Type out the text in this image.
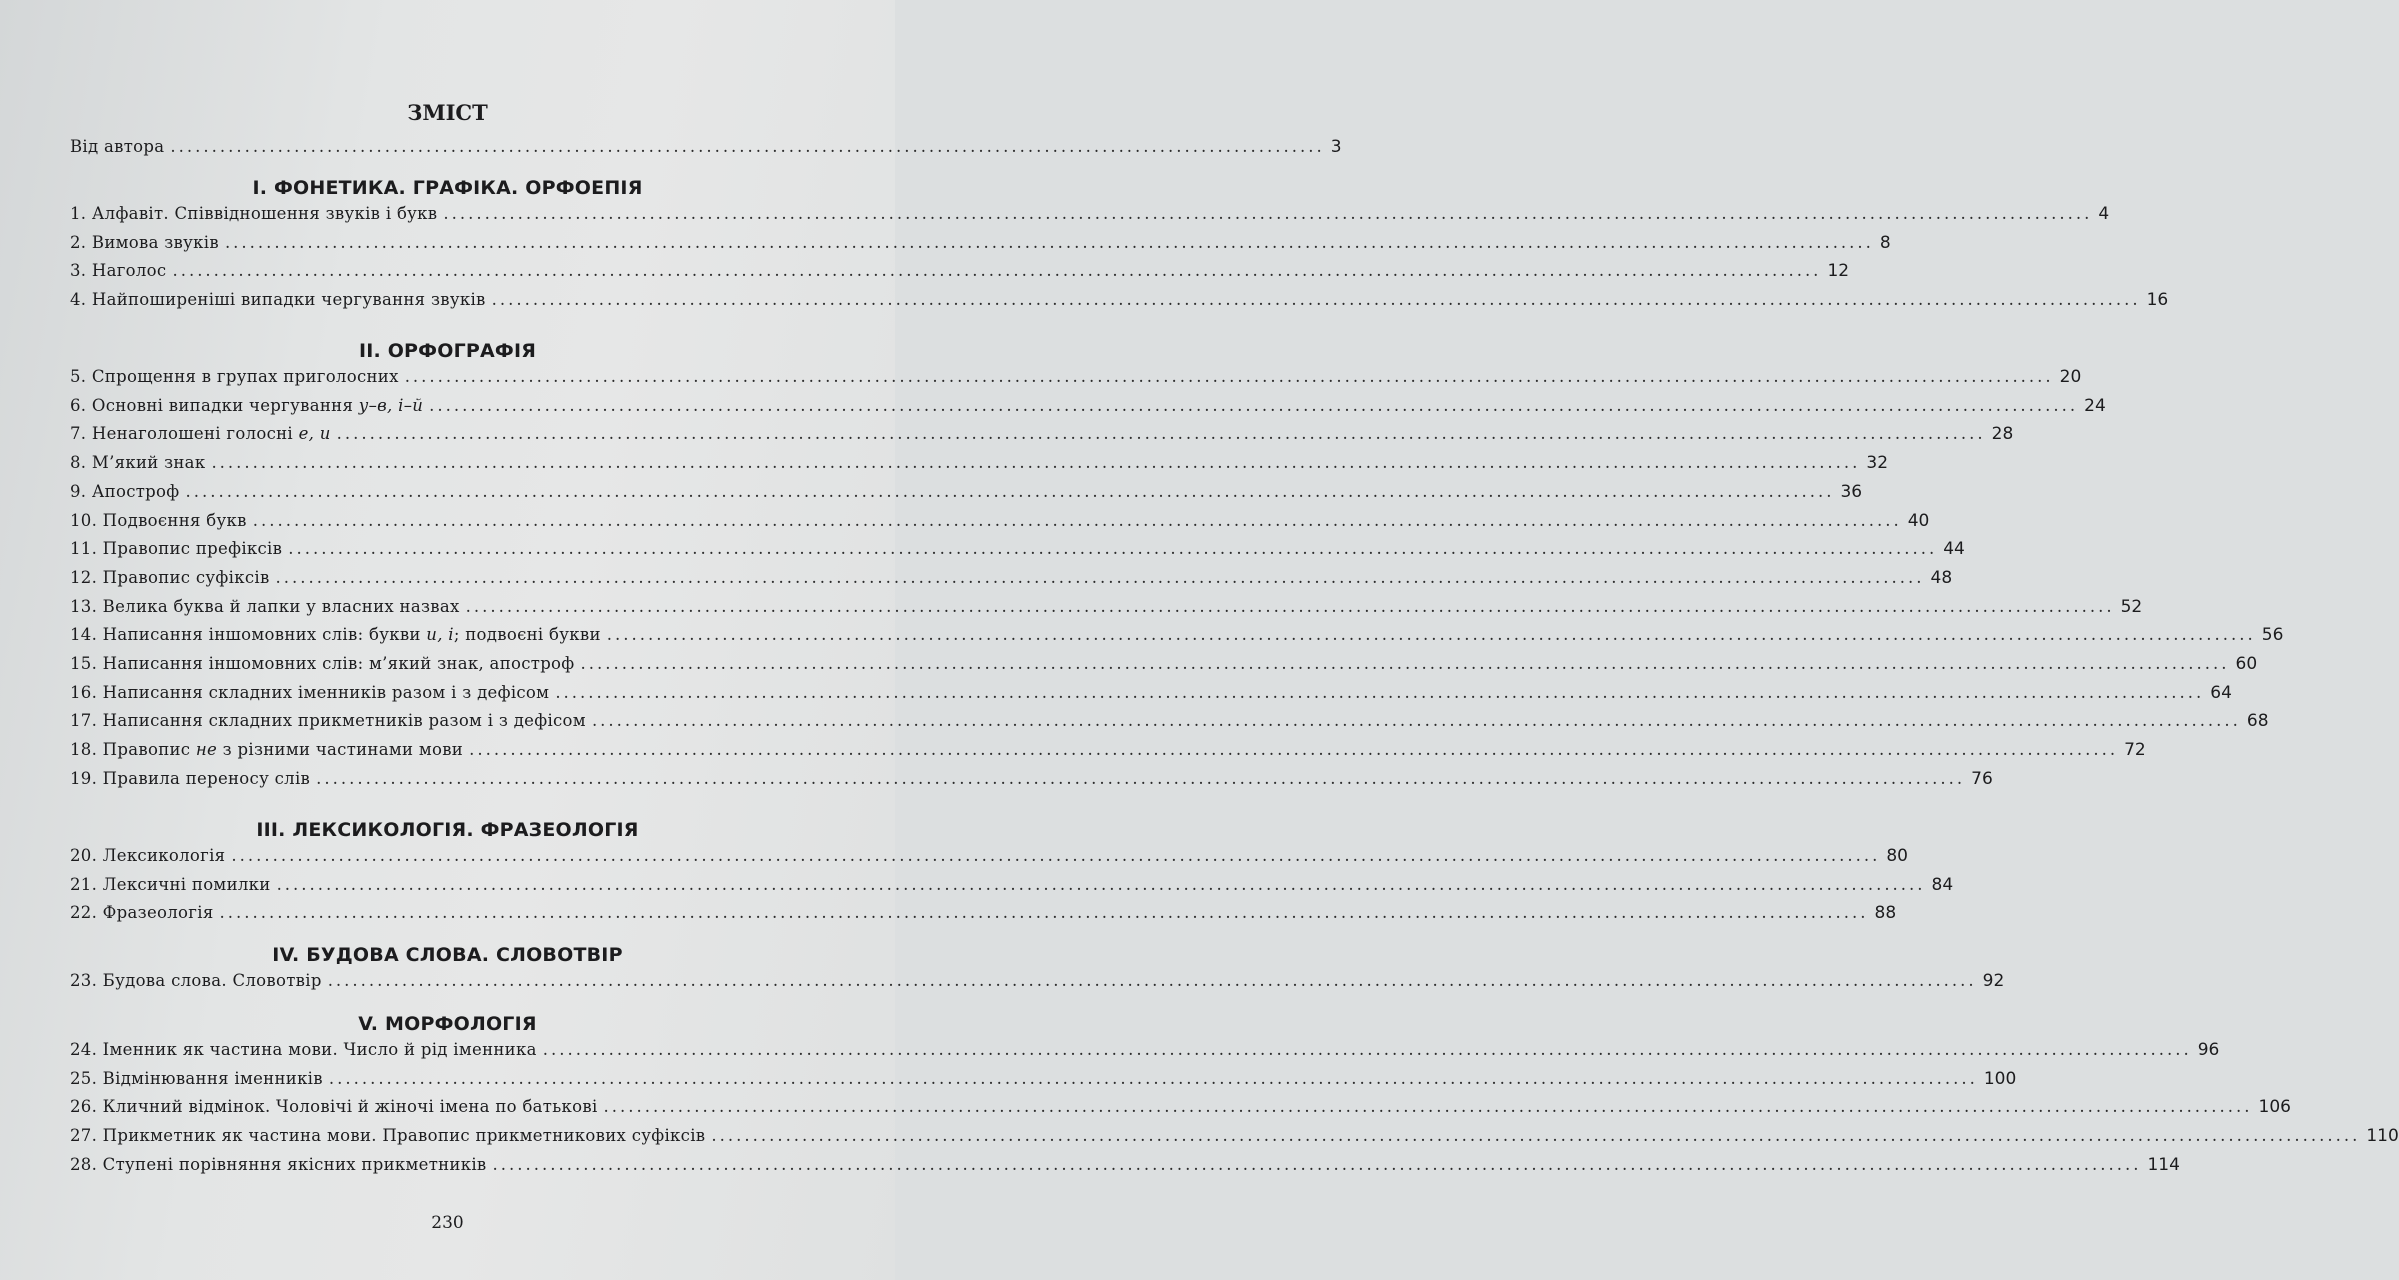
ЗМІСТ
Від автора ............................................................................................................................................ 3
І. ФОНЕТИКА. ГРАФІКА. ОРФОЕПІЯ
1. Алфавіт. Співвідношення звуків і букв ........................................................................................................................................................................................................ 4
2. Вимова звуків ........................................................................................................................................................................................................ 8
3. Наголос ........................................................................................................................................................................................................ 12
4. Найпоширеніші випадки чергування звуків ........................................................................................................................................................................................................ 16
ІІ. ОРФОГРАФІЯ
5. Спрощення в групах приголосних ........................................................................................................................................................................................................ 20
6. Основні випадки чергування у–в, і–й ........................................................................................................................................................................................................ 24
7. Ненаголошені голосні е, и ........................................................................................................................................................................................................ 28
8. М’який знак ........................................................................................................................................................................................................ 32
9. Апостроф ........................................................................................................................................................................................................ 36
10. Подвоєння букв ........................................................................................................................................................................................................ 40
11. Правопис префіксів ........................................................................................................................................................................................................ 44
12. Правопис суфіксів ........................................................................................................................................................................................................ 48
13. Велика буква й лапки у власних назвах ........................................................................................................................................................................................................ 52
14. Написання іншомовних слів: букви и, і; подвоєні букви ........................................................................................................................................................................................................ 56
15. Написання іншомовних слів: м’який знак, апостроф ........................................................................................................................................................................................................ 60
16. Написання складних іменників разом і з дефісом ........................................................................................................................................................................................................ 64
17. Написання складних прикметників разом і з дефісом ........................................................................................................................................................................................................ 68
18. Правопис не з різними частинами мови ........................................................................................................................................................................................................ 72
19. Правила переносу слів ........................................................................................................................................................................................................ 76
ІІІ. ЛЕКСИКОЛОГІЯ. ФРАЗЕОЛОГІЯ
20. Лексикологія ........................................................................................................................................................................................................ 80
21. Лексичні помилки ........................................................................................................................................................................................................ 84
22. Фразеологія ........................................................................................................................................................................................................ 88
ІV. БУДОВА СЛОВА. СЛОВОТВІР
23. Будова слова. Словотвір ........................................................................................................................................................................................................ 92
V. МОРФОЛОГІЯ
24. Іменник як частина мови. Число й рід іменника ........................................................................................................................................................................................................ 96
25. Відмінювання іменників ........................................................................................................................................................................................................ 100
26. Кличний відмінок. Чоловічі й жіночі імена по батькові ........................................................................................................................................................................................................ 106
27. Прикметник як частина мови. Правопис прикметникових суфіксів ........................................................................................................................................................................................................ 110
28. Ступені порівняння якісних прикметників ........................................................................................................................................................................................................ 114
230
